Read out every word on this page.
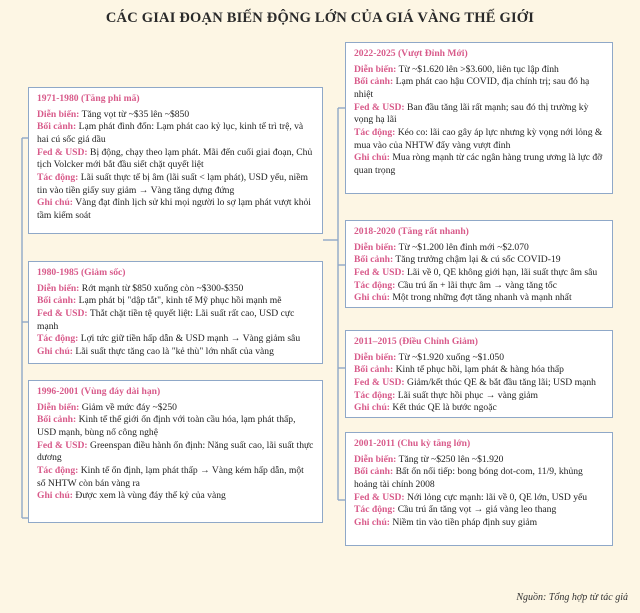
CÁC GIAI ĐOẠN BIẾN ĐỘNG LỚN CỦA GIÁ VÀNG THẾ GIỚI
1971-1980 (Tăng phi mã)
Diễn biến: Tăng vọt từ ~$35 lên ~$850
Bối cảnh: Lạm phát đình đốn: Lạm phát cao kỷ lục, kinh tế trì trệ, và hai cú sốc giá dầu
Fed & USD: Bị động, chạy theo lạm phát. Mãi đến cuối giai đoạn, Chủ tịch Volcker mới bắt đầu siết chặt quyết liệt
Tác động: Lãi suất thực tế bị âm (lãi suất < lạm phát), USD yếu, niềm tin vào tiền giấy suy giảm → Vàng tăng dựng đứng
Ghi chú: Vàng đạt đỉnh lịch sử khi mọi người lo sợ lạm phát vượt khỏi tầm kiểm soát
1980-1985 (Giảm sốc)
Diễn biến: Rớt mạnh từ $850 xuống còn ~$300-$350
Bối cảnh: Lạm phát bị "dập tắt", kinh tế Mỹ phục hồi mạnh mẽ
Fed & USD: Thắt chặt tiền tệ quyết liệt: Lãi suất rất cao, USD cực mạnh
Tác động: Lợi tức giữ tiền hấp dẫn & USD mạnh → Vàng giảm sâu
Ghi chú: Lãi suất thực tăng cao là "kẻ thù" lớn nhất của vàng
1996-2001 (Vùng đáy dài hạn)
Diễn biến: Giảm về mức đáy ~$250
Bối cảnh: Kinh tế thế giới ổn định với toàn cầu hóa, lạm phát thấp, USD mạnh, bùng nổ công nghệ
Fed & USD: Greenspan điều hành ổn định: Năng suất cao, lãi suất thực dương
Tác động: Kinh tế ổn định, lạm phát thấp → Vàng kém hấp dẫn, một số NHTW còn bán vàng ra
Ghi chú: Được xem là vùng đáy thế kỷ của vàng
2022-2025 (Vượt Đỉnh Mới)
Diễn biến: Từ ~$1.620 lên >$3.600, liên tục lập đỉnh
Bối cảnh: Lạm phát cao hậu COVID, địa chính trị; sau đó hạ nhiệt
Fed & USD: Ban đầu tăng lãi rất mạnh; sau đó thị trường kỳ vọng hạ lãi
Tác động: Kéo co: lãi cao gây áp lực nhưng kỳ vọng nới lỏng & mua vào của NHTW đẩy vàng vượt đỉnh
Ghi chú: Mua ròng mạnh từ các ngân hàng trung ương là lực đỡ quan trọng
2018-2020 (Tăng rất nhanh)
Diễn biến: Từ ~$1.200 lên đỉnh mới ~$2.070
Bối cảnh: Tăng trưởng chậm lại & cú sốc COVID-19
Fed & USD: Lãi về 0, QE không giới hạn, lãi suất thực âm sâu
Tác động: Cầu trú ẩn + lãi thực âm → vàng tăng tốc
Ghi chú: Một trong những đợt tăng nhanh và mạnh nhất
2011–2015 (Điều Chỉnh Giảm)
Diễn biến: Từ ~$1.920 xuống ~$1.050
Bối cảnh: Kinh tế phục hồi, lạm phát & hàng hóa thấp
Fed & USD: Giảm/kết thúc QE & bắt đầu tăng lãi; USD mạnh
Tác động: Lãi suất thực hồi phục → vàng giảm
Ghi chú: Kết thúc QE là bước ngoặc
2001-2011 (Chu kỳ tăng lớn)
Diễn biến: Tăng từ ~$250 lên ~$1.920
Bối cảnh: Bất ổn nối tiếp: bong bóng dot-com, 11/9, khủng hoảng tài chính 2008
Fed & USD: Nới lỏng cực mạnh: lãi về 0, QE lớn, USD yếu
Tác động: Cầu trú ẩn tăng vọt → giá vàng leo thang
Ghi chú: Niềm tin vào tiền pháp định suy giảm
Nguồn: Tổng hợp từ tác giả
